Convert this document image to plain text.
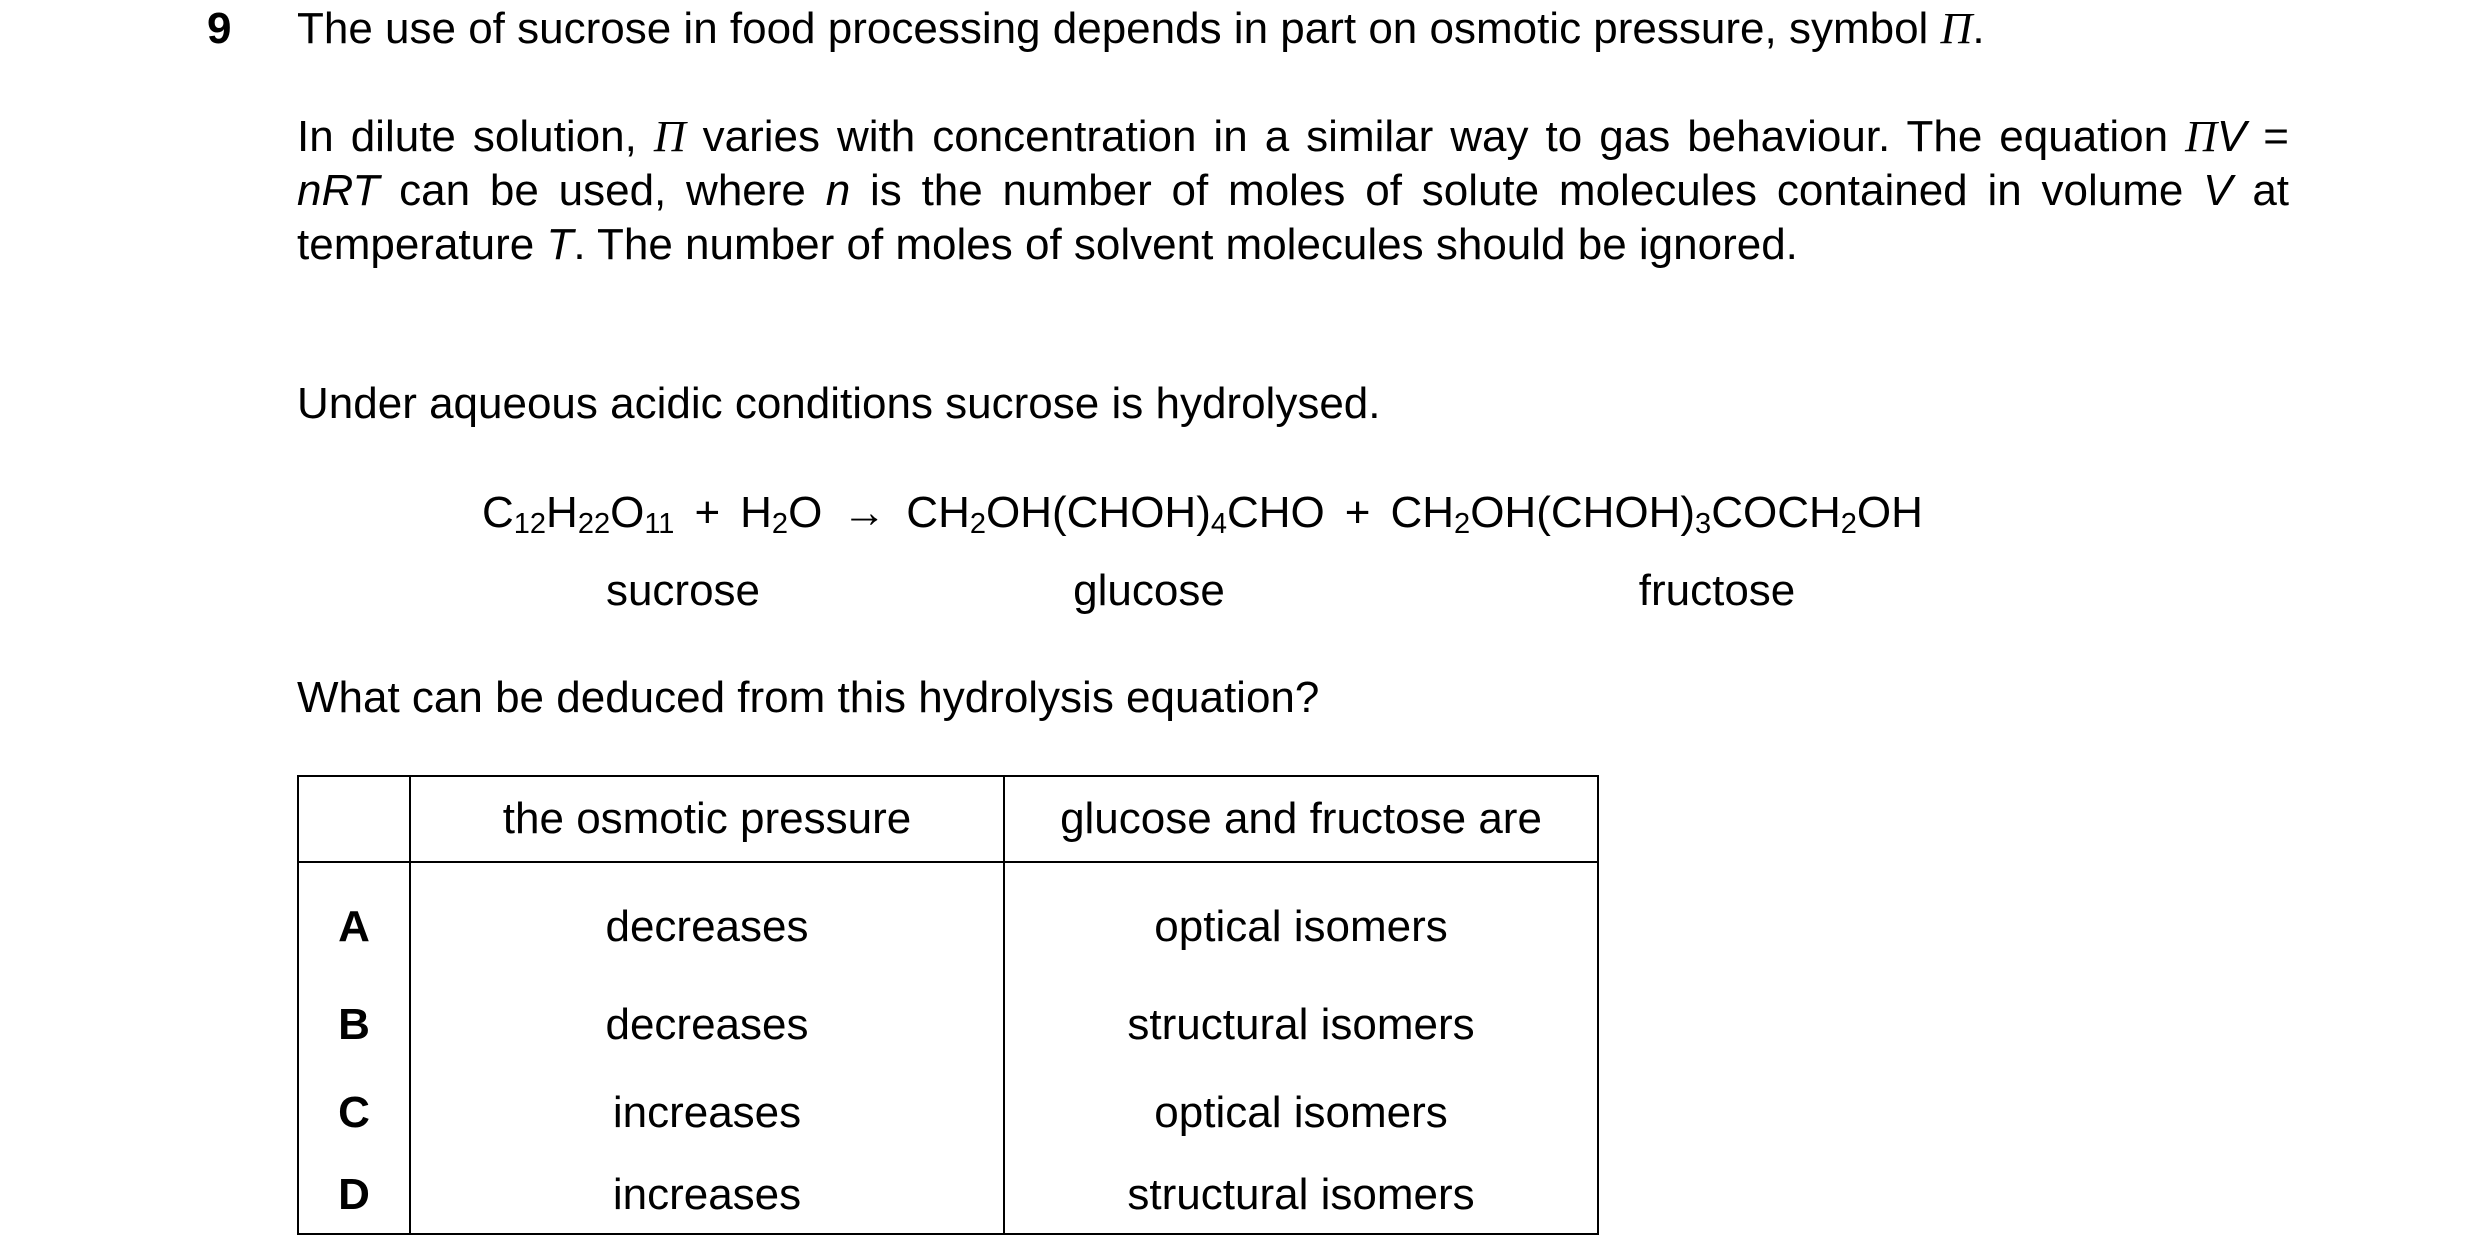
9 The use of sucrose in food processing depends in part on osmotic pressure, symbol Π.
In dilute solution, Π varies with concentration in a similar way to gas behaviour. The equation ΠV = nRT can be used, where n is the number of moles of solute molecules contained in volume V at temperature T. The number of moles of solvent molecules should be ignored.
Under aqueous acidic conditions sucrose is hydrolysed.
$C_{12}H_{22}O_{11} + H_2O$ → $CH_2OH(CHOH)_4CHO$ + $CH_2OH(CHOH)_3COCH_2OH$
sucrose	glucose	fructose
What can be deduced from this hydrolysis equation?
	the osmotic pressure	glucose and fructose are
A	decreases	optical isomers
B	decreases	structural isomers
C	increases	optical isomers
D	increases	structural isomers
